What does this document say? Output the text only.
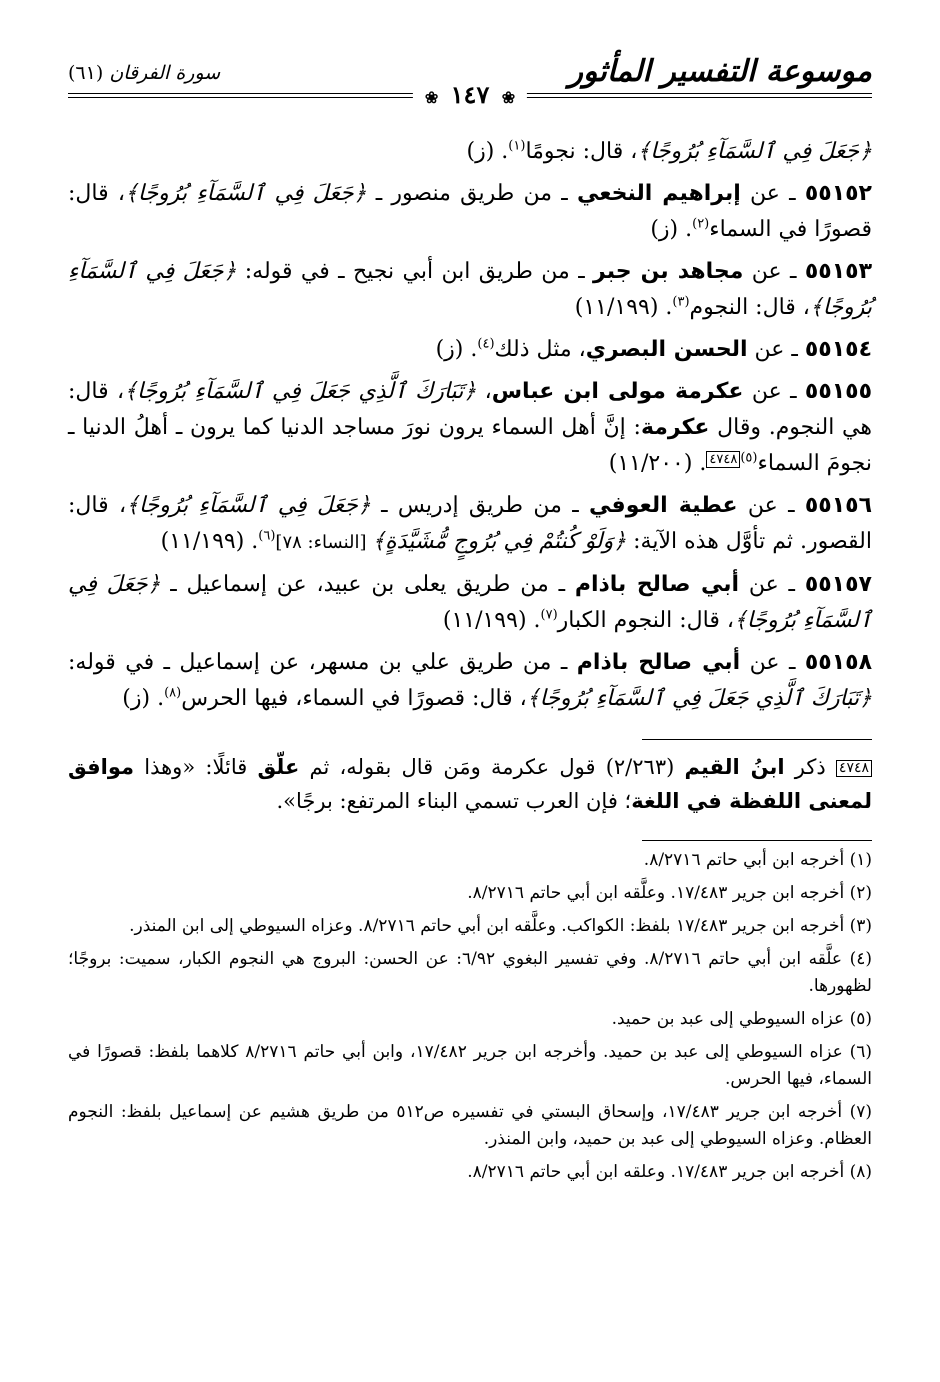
موسوعة التفسير المأثور
سورة الفرقان (٦١)
❀ ١٤٧ ❀

﴿جَعَلَ فِي ٱلسَّمَآءِ بُرُوجًا﴾، قال: نجومًا$^{(١)}$. (ز)

٥٥١٥٢ ـ عن إبراهيم النخعي ـ من طريق منصور ـ ﴿جَعَلَ فِي ٱلسَّمَآءِ بُرُوجًا﴾، قال: قصورًا في السماء$^{(٢)}$. (ز)

٥٥١٥٣ ـ عن مجاهد بن جبر ـ من طريق ابن أبي نجيح ـ في قوله: ﴿جَعَلَ فِي ٱلسَّمَآءِ بُرُوجًا﴾، قال: النجوم$^{(٣)}$. (١١/١٩٩)

٥٥١٥٤ ـ عن الحسن البصري، مثل ذلك$^{(٤)}$. (ز)

٥٥١٥٥ ـ عن عكرمة مولى ابن عباس، ﴿تَبَارَكَ ٱلَّذِي جَعَلَ فِي ٱلسَّمَآءِ بُرُوجًا﴾، قال: هي النجوم. وقال عكرمة: إنَّ أهل السماء يرون نورَ مساجد الدنيا كما يرون ـ أهلُ الدنيا ـ نجومَ السماء$^{(٥)}$٤٧٤٨. (١١/٢٠٠)

٥٥١٥٦ ـ عن عطية العوفي ـ من طريق إدريس ـ ﴿جَعَلَ فِي ٱلسَّمَآءِ بُرُوجًا﴾، قال: القصور. ثم تأوَّل هذه الآية: ﴿وَلَوْ كُنتُمْ فِي بُرُوجٍ مُّشَيَّدَةٍ﴾ [النساء: ٧٨]$^{(٦)}$. (١١/١٩٩)

٥٥١٥٧ ـ عن أبي صالح باذام ـ من طريق يعلى بن عبيد، عن إسماعيل ـ ﴿جَعَلَ فِي ٱلسَّمَآءِ بُرُوجًا﴾، قال: النجوم الكبار$^{(٧)}$. (١١/١٩٩)

٥٥١٥٨ ـ عن أبي صالح باذام ـ من طريق علي بن مسهر، عن إسماعيل ـ في قوله: ﴿تَبَارَكَ ٱلَّذِي جَعَلَ فِي ٱلسَّمَآءِ بُرُوجًا﴾، قال: قصورًا في السماء، فيها الحرس$^{(٨)}$. (ز)

٤٧٤٨ ذكر ابنُ القيم (٢/٢٦٣) قول عكرمة ومَن قال بقوله، ثم علّق قائلًا: «وهذا موافق لمعنى اللفظة في اللغة؛ فإن العرب تسمي البناء المرتفع: برجًا».

(١) أخرجه ابن أبي حاتم ٨/٢٧١٦.

(٢) أخرجه ابن جرير ١٧/٤٨٣. وعلَّقه ابن أبي حاتم ٨/٢٧١٦.

(٣) أخرجه ابن جرير ١٧/٤٨٣ بلفظ: الكواكب. وعلَّقه ابن أبي حاتم ٨/٢٧١٦. وعزاه السيوطي إلى ابن المنذر.

(٤) علَّقه ابن أبي حاتم ٨/٢٧١٦. وفي تفسير البغوي ٦/٩٢: عن الحسن: البروج هي النجوم الكبار، سميت: بروجًا؛ لظهورها.

(٥) عزاه السيوطي إلى عبد بن حميد.

(٦) عزاه السيوطي إلى عبد بن حميد. وأخرجه ابن جرير ١٧/٤٨٢، وابن أبي حاتم ٨/٢٧١٦ كلاهما بلفظ: قصورًا في السماء، فيها الحرس.

(٧) أخرجه ابن جرير ١٧/٤٨٣، وإسحاق البستي في تفسيره ص٥١٢ من طريق هشيم عن إسماعيل بلفظ: النجوم العظام. وعزاه السيوطي إلى عبد بن حميد، وابن المنذر.

(٨) أخرجه ابن جرير ١٧/٤٨٣. وعلقه ابن أبي حاتم ٨/٢٧١٦.
